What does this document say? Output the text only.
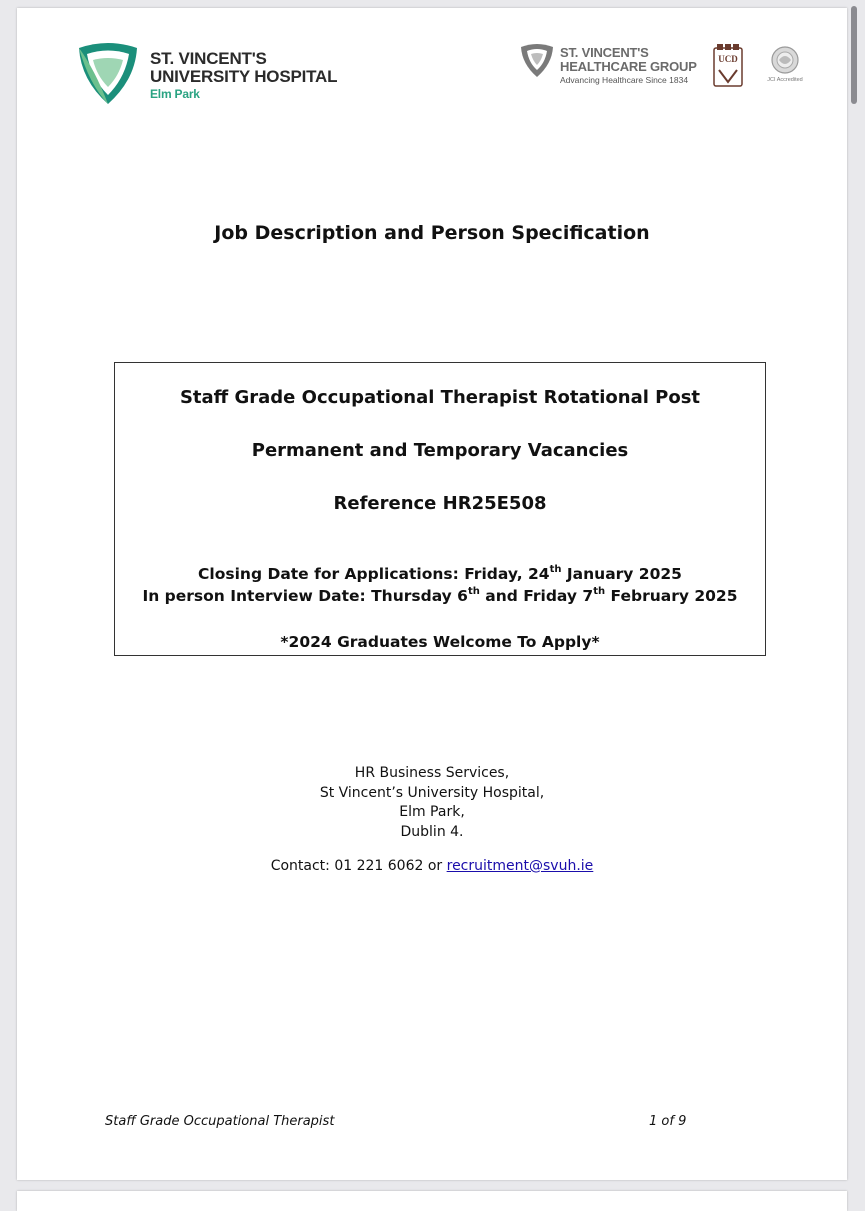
ST. VINCENT'S
UNIVERSITY HOSPITAL
Elm Park
ST. VINCENT'S
HEALTHCARE GROUP
Advancing Healthcare Since 1834
UCD
JCI Accredited
Job Description and Person Specification
Staff Grade Occupational Therapist Rotational Post
Permanent and Temporary Vacancies
Reference HR25E508
Closing Date for Applications: Friday, 24th January 2025
In person Interview Date: Thursday 6th and Friday 7th February 2025
*2024 Graduates Welcome To Apply*
HR Business Services,
St Vincent’s University Hospital,
Elm Park,
Dublin 4.
Contact: 01 221 6062 or recruitment@svuh.ie
Staff Grade Occupational Therapist	1 of 9
